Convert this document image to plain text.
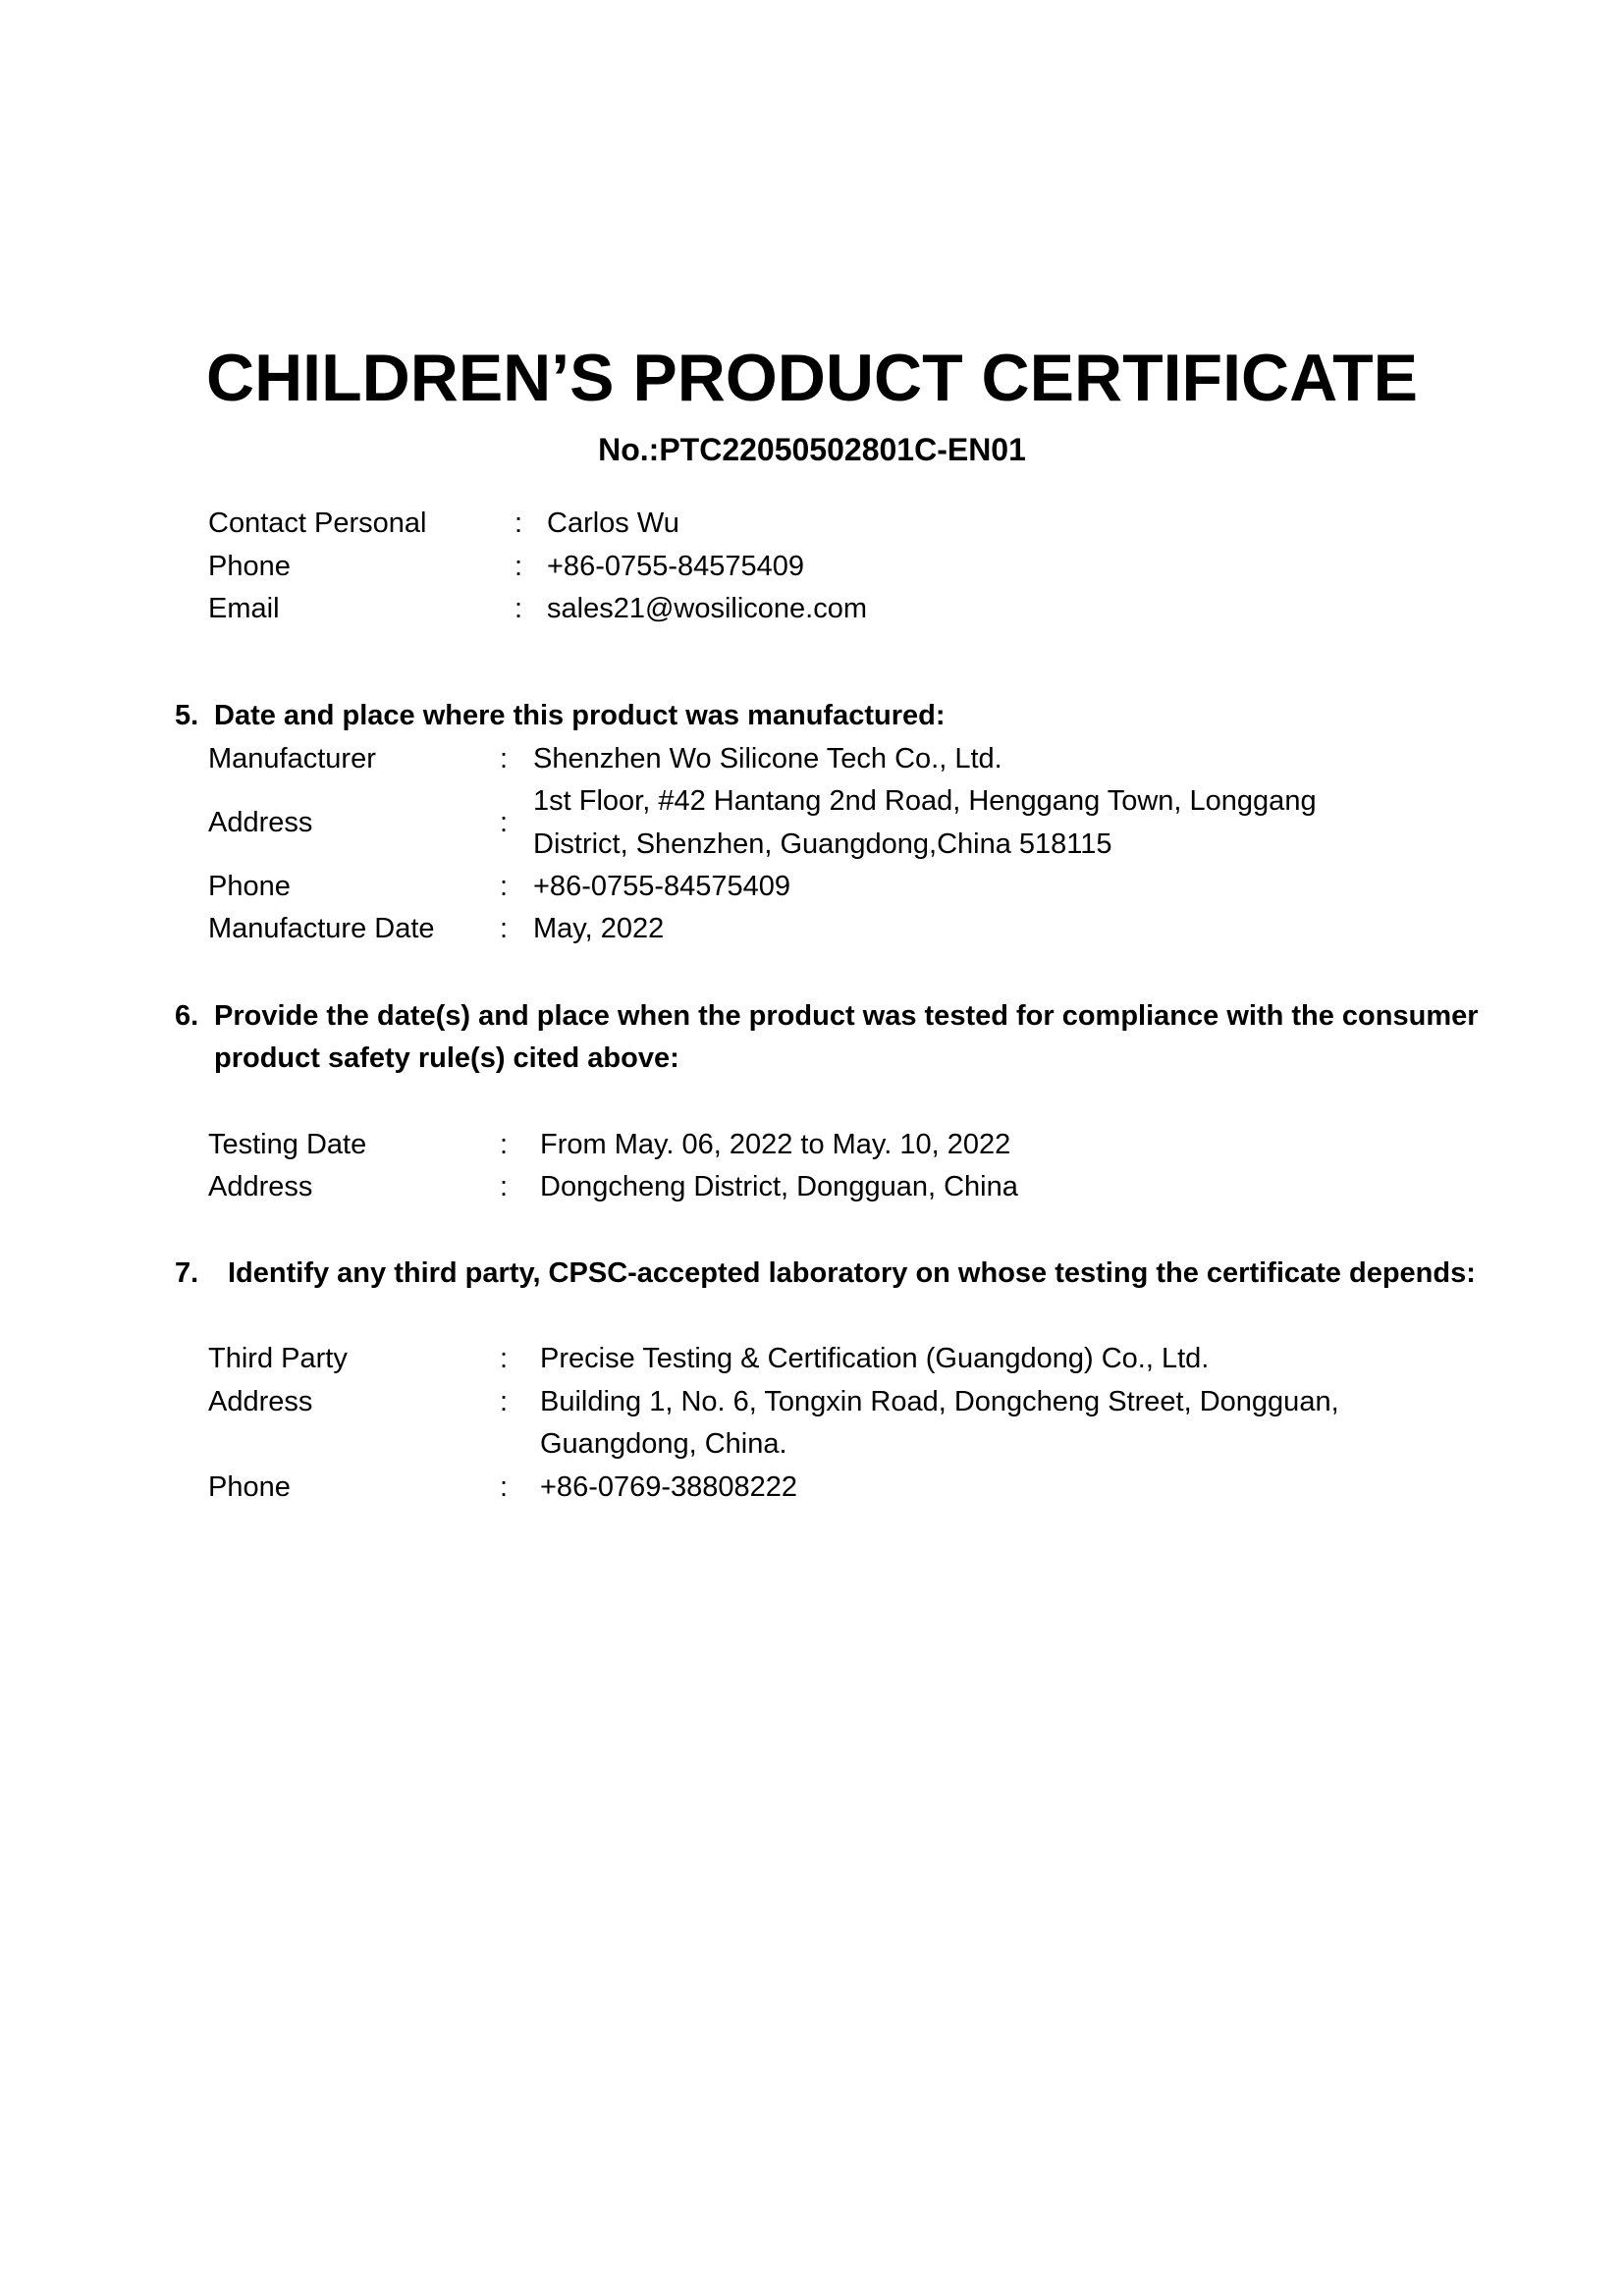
CHILDREN’S PRODUCT CERTIFICATE
No.:PTC22050502801C-EN01
Contact Personal	: Carlos Wu
Phone	: +86-0755-84575409
Email	: sales21@wosilicone.com
5. Date and place where this product was manufactured:
Manufacturer	: Shenzhen Wo Silicone Tech Co., Ltd.
Address	:
1st Floor, #42 Hantang 2nd Road, Henggang Town, Longgang
District, Shenzhen, Guangdong,China 518115
Phone	: +86-0755-84575409
Manufacture Date : May, 2022
6. Provide the date(s) and place when the product was tested for compliance with the consumer
product safety rule(s) cited above:
Testing Date	: From May. 06, 2022 to May. 10, 2022
Address	: Dongcheng District, Dongguan, China
7. Identify any third party, CPSC-accepted laboratory on whose testing the certificate depends:
Third Party	: Precise Testing & Certification (Guangdong) Co., Ltd.
Address	: Building 1, No. 6, Tongxin Road, Dongcheng Street, Dongguan,
Guangdong, China.
Phone	: +86-0769-38808222
